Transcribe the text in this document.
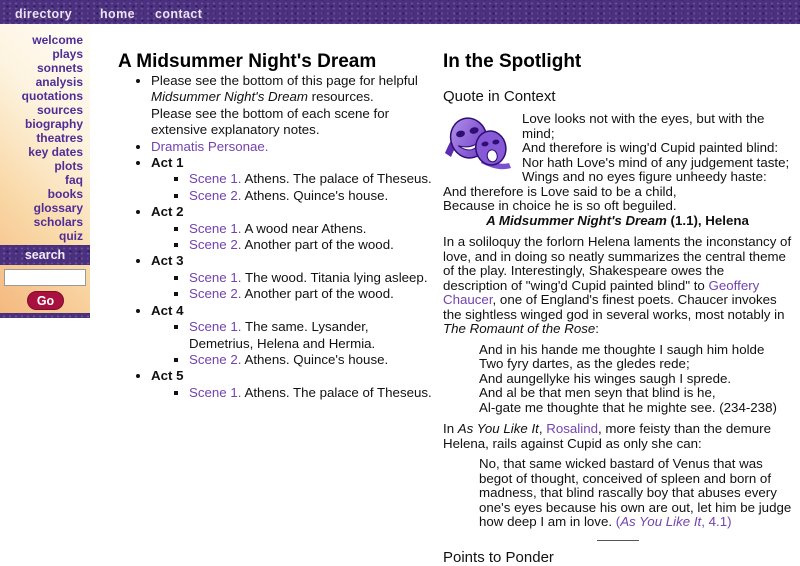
directory home contact
welcome
plays
sonnets
analysis
quotations
sources
biography
theatres
key dates
plots
faq
books
glossary
scholars
quiz
search
Go
A Midsummer Night's Dream
• Please see the bottom of this page for helpful Midsummer Night's Dream resources.
Please see the bottom of each scene for extensive explanatory notes.
• Dramatis Personae.
• Act 1
▪ Scene 1. Athens. The palace of Theseus.
▪ Scene 2. Athens. Quince's house.
• Act 2
▪ Scene 1. A wood near Athens.
▪ Scene 2. Another part of the wood.
• Act 3
▪ Scene 1. The wood. Titania lying asleep.
▪ Scene 2. Another part of the wood.
• Act 4
▪ Scene 1. The same. Lysander, Demetrius, Helena and Hermia.
▪ Scene 2. Athens. Quince's house.
• Act 5
▪ Scene 1. Athens. The palace of Theseus.
In the Spotlight
Quote in Context
Love looks not with the eyes, but with the mind;
And therefore is wing'd Cupid painted blind:
Nor hath Love's mind of any judgement taste;
Wings and no eyes figure unheedy haste:
And therefore is Love said to be a child,
Because in choice he is so oft beguiled.
A Midsummer Night's Dream (1.1), Helena
In a soliloquy the forlorn Helena laments the inconstancy of love, and in doing so neatly summarizes the central theme of the play. Interestingly, Shakespeare owes the description of "wing'd Cupid painted blind" to Geoffery Chaucer, one of England's finest poets. Chaucer invokes the sightless winged god in several works, most notably in The Romaunt of the Rose:
And in his hande me thoughte I saugh him holde
Two fyry dartes, as the gledes rede;
And aungellyke his winges saugh I sprede.
And al be that men seyn that blind is he,
Al-gate me thoughte that he mighte see. (234-238)
In As You Like It, Rosalind, more feisty than the demure Helena, rails against Cupid as only she can:
No, that same wicked bastard of Venus that was begot of thought, conceived of spleen and born of madness, that blind rascally boy that abuses every one's eyes because his own are out, let him be judge how deep I am in love. (As You Like It, 4.1)
Points to Ponder
